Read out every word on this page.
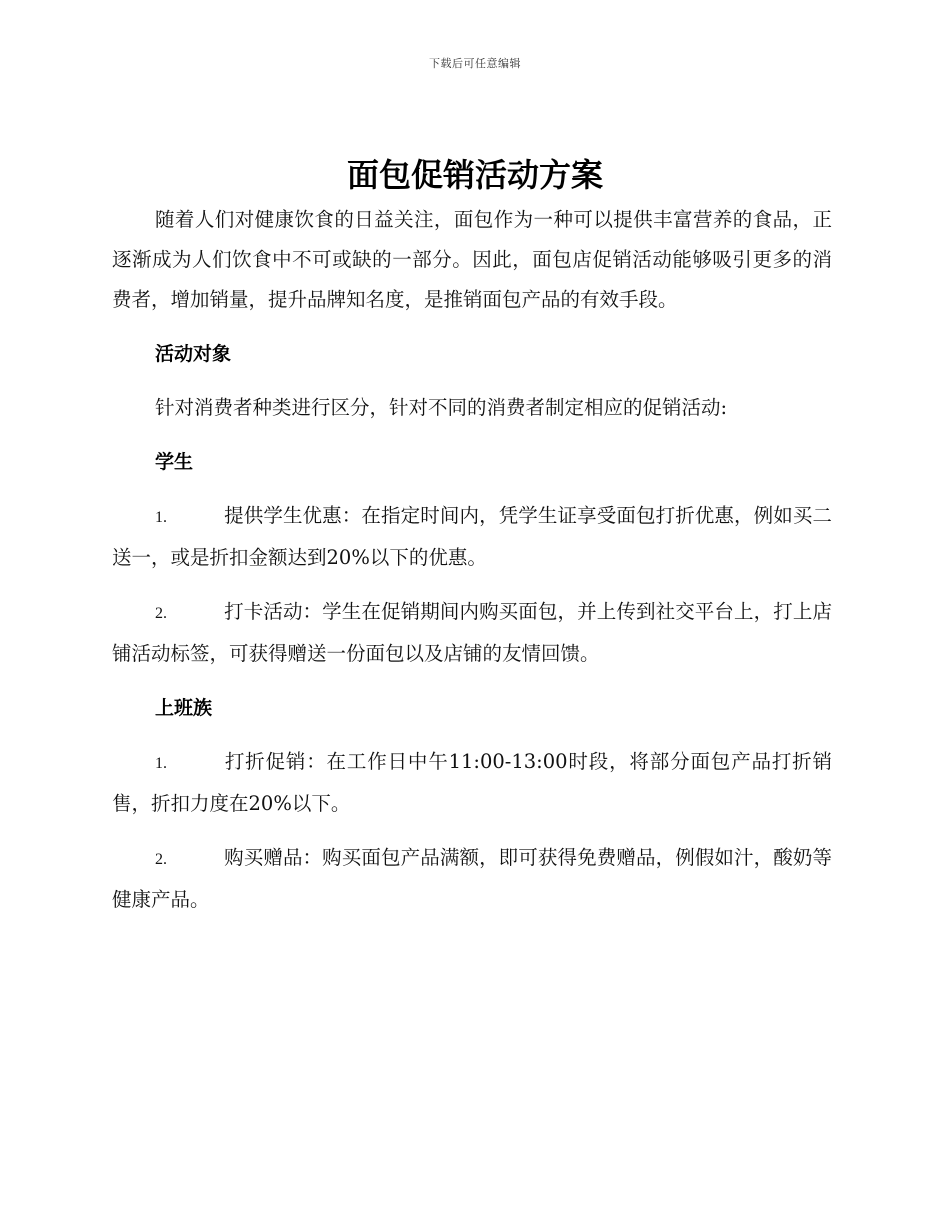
下载后可任意编辑
面包促销活动方案

随着人们对健康饮食的日益关注，面包作为一种可以提供丰富营养的食品，正逐渐成为人们饮食中不可或缺的一部分。因此，面包店促销活动能够吸引更多的消费者，增加销量，提升品牌知名度，是推销面包产品的有效手段。

活动对象

针对消费者种类进行区分，针对不同的消费者制定相应的促销活动:

学生

1.	提供学生优惠：在指定时间内，凭学生证享受面包打折优惠，例如买二送一，或是折扣金额达到20%以下的优惠。

2.	打卡活动：学生在促销期间内购买面包，并上传到社交平台上，打上店铺活动标签，可获得赠送一份面包以及店铺的友情回馈。

上班族

1.	打折促销：在工作日中午11:00-13:00时段，将部分面包产品打折销售，折扣力度在20%以下。

2.	购买赠品：购买面包产品满额，即可获得免费赠品，例假如汁，酸奶等健康产品。
